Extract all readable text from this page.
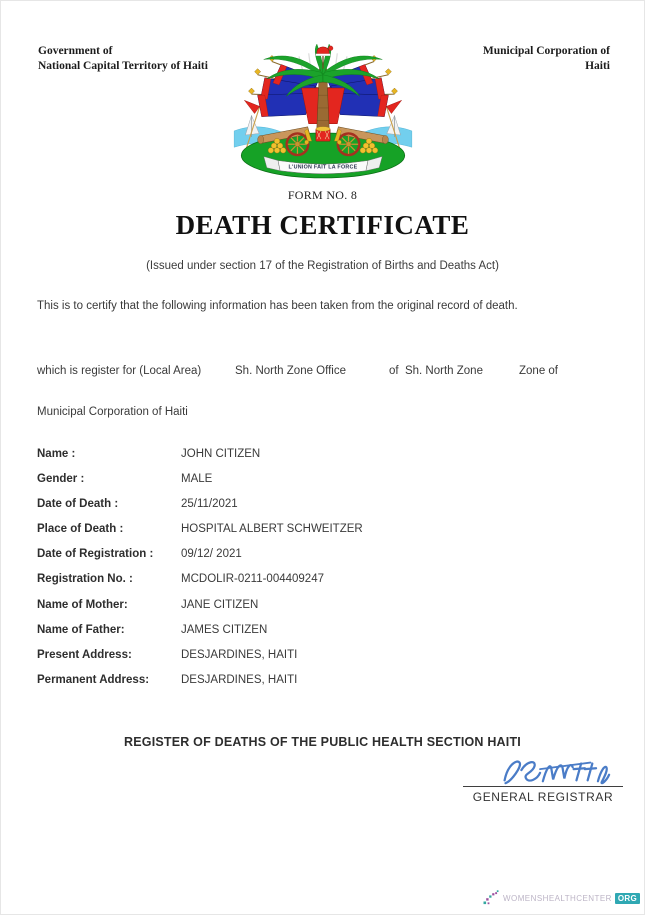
Government of
National Capital Territory of Haiti
Municipal Corporation of
Haiti
L'UNION FAIT LA FORCE
FORM NO. 8
DEATH CERTIFICATE
(Issued under section 17 of the Registration of Births and Deaths Act)
This is to certify that the following information has been taken from the original record of death.
which is register for (Local Area)	Sh. North Zone Office	of  Sh. North Zone	Zone of
Municipal Corporation of Haiti
Name :	JOHN CITIZEN
Gender :	MALE
Date of Death :	25/11/2021
Place of Death :	HOSPITAL ALBERT SCHWEITZER
Date of Registration : 09/12/ 2021
Registration No. :	MCDOLIR-0211-004409247
Name of Mother:	JANE CITIZEN
Name of Father:	JAMES CITIZEN
Present Address:	DESJARDINES, HAITI
Permanent Address:	DESJARDINES, HAITI
REGISTER OF DEATHS OF THE PUBLIC HEALTH SECTION HAITI
GENERAL REGISTRAR
WOMENSHEALTHCENTER ORG
